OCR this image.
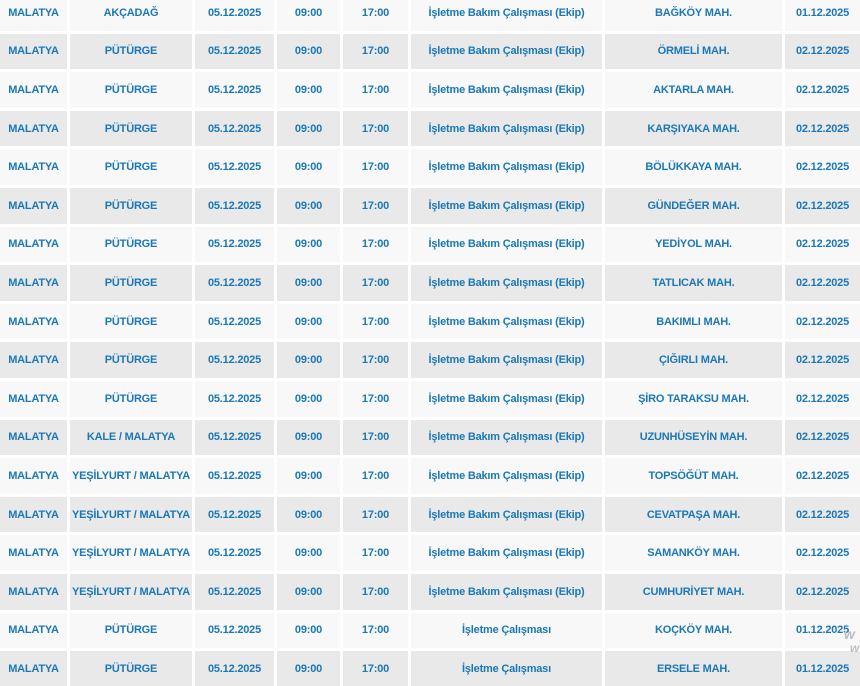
MALATYA	AKÇADAĞ	05.12.2025	09:00	17:00	İşletme Bakım Çalışması (Ekip)	BAĞKÖY MAH.	01.12.2025
MALATYA	PÜTÜRGE	05.12.2025	09:00	17:00	İşletme Bakım Çalışması (Ekip)	ÖRMELİ MAH.	02.12.2025
MALATYA	PÜTÜRGE	05.12.2025	09:00	17:00	İşletme Bakım Çalışması (Ekip)	AKTARLA MAH.	02.12.2025
MALATYA	PÜTÜRGE	05.12.2025	09:00	17:00	İşletme Bakım Çalışması (Ekip)	KARŞIYAKA MAH.	02.12.2025
MALATYA	PÜTÜRGE	05.12.2025	09:00	17:00	İşletme Bakım Çalışması (Ekip)	BÖLÜKKAYA MAH.	02.12.2025
MALATYA	PÜTÜRGE	05.12.2025	09:00	17:00	İşletme Bakım Çalışması (Ekip)	GÜNDEĞER MAH.	02.12.2025
MALATYA	PÜTÜRGE	05.12.2025	09:00	17:00	İşletme Bakım Çalışması (Ekip)	YEDİYOL MAH.	02.12.2025
MALATYA	PÜTÜRGE	05.12.2025	09:00	17:00	İşletme Bakım Çalışması (Ekip)	TATLICAK MAH.	02.12.2025
MALATYA	PÜTÜRGE	05.12.2025	09:00	17:00	İşletme Bakım Çalışması (Ekip)	BAKIMLI MAH.	02.12.2025
MALATYA	PÜTÜRGE	05.12.2025	09:00	17:00	İşletme Bakım Çalışması (Ekip)	ÇIĞIRLI MAH.	02.12.2025
MALATYA	PÜTÜRGE	05.12.2025	09:00	17:00	İşletme Bakım Çalışması (Ekip)	ŞİRO TARAKSU MAH.	02.12.2025
MALATYA	KALE / MALATYA	05.12.2025	09:00	17:00	İşletme Bakım Çalışması (Ekip)	UZUNHÜSEYİN MAH.	02.12.2025
MALATYA	YEŞİLYURT / MALATYA	05.12.2025	09:00	17:00	İşletme Bakım Çalışması (Ekip)	TOPSÖĞÜT MAH.	02.12.2025
MALATYA	YEŞİLYURT / MALATYA	05.12.2025	09:00	17:00	İşletme Bakım Çalışması (Ekip)	CEVATPAŞA MAH.	02.12.2025
MALATYA	YEŞİLYURT / MALATYA	05.12.2025	09:00	17:00	İşletme Bakım Çalışması (Ekip)	SAMANKÖY MAH.	02.12.2025
MALATYA	YEŞİLYURT / MALATYA	05.12.2025	09:00	17:00	İşletme Bakım Çalışması (Ekip)	CUMHURİYET MAH.	02.12.2025
MALATYA	PÜTÜRGE	05.12.2025	09:00	17:00	İşletme Çalışması	KOÇKÖY MAH.	01.12.2025
MALATYA	PÜTÜRGE	05.12.2025	09:00	17:00	İşletme Çalışması	ERSELE MAH.	01.12.2025
w
w
